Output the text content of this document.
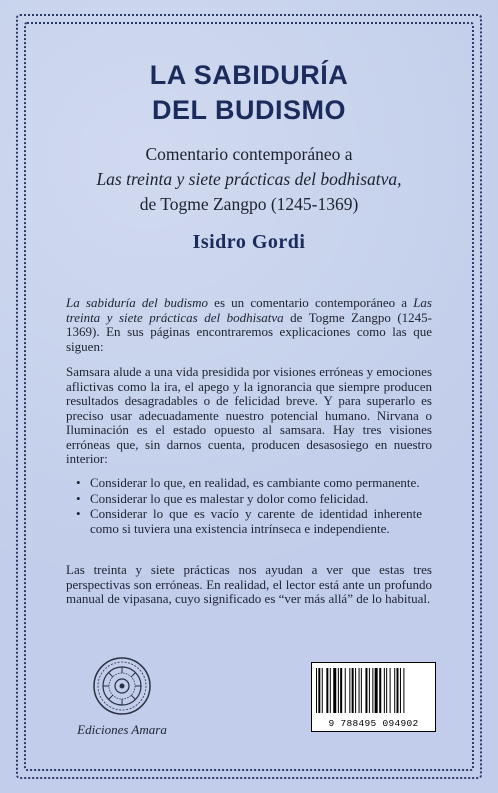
LA SABIDURÍA
DEL BUDISMO
Comentario contemporáneo a
Las treinta y siete prácticas del bodhisatva,
de Togme Zangpo (1245-1369)
Isidro Gordi
La sabiduría del budismo es un comentario contemporáneo a Las treinta y siete prácticas del bodhisatva de Togme Zangpo (1245-1369). En sus páginas encontraremos explicaciones como las que siguen:
Samsara alude a una vida presidida por visiones erróneas y emociones aflictivas como la ira, el apego y la ignorancia que siempre producen resultados desagradables o de felicidad breve. Y para superarlo es preciso usar adecuadamente nuestro potencial humano. Nirvana o Iluminación es el estado opuesto al samsara. Hay tres visiones erróneas que, sin darnos cuenta, producen desasosiego en nuestro interior:
• Considerar lo que, en realidad, es cambiante como permanente.
• Considerar lo que es malestar y dolor como felicidad.
• Considerar lo que es vacío y carente de identidad inherente como si tuviera una existencia intrínseca e independiente.
Las treinta y siete prácticas nos ayudan a ver que estas tres perspectivas son erróneas. En realidad, el lector está ante un profundo manual de vipasana, cuyo significado es “ver más allá” de lo habitual.
Ediciones Amara	9 788495 094902
